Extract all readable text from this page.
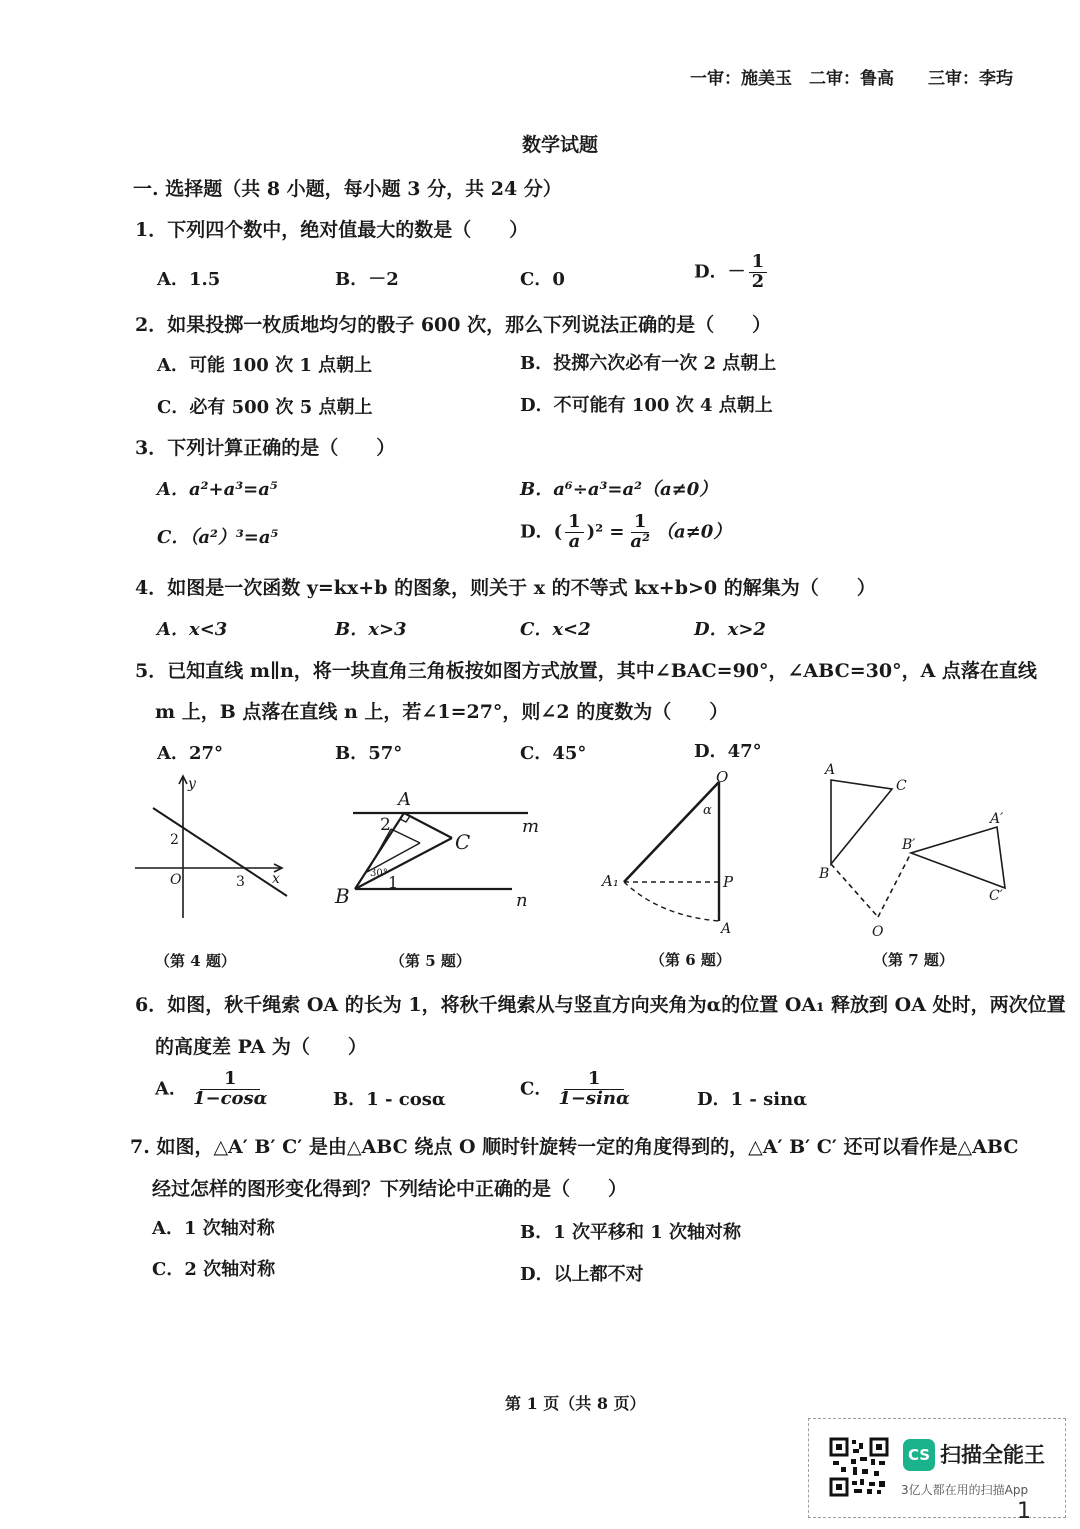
一审：施美玉　二审：鲁高　　三审：李玙
数学试题
一. 选择题（共 8 小题，每小题 3 分，共 24 分）
1．下列四个数中，绝对值最大的数是（　　）
A．1.5	B．－2	C．0	D．－ $\frac{1}{2}$
2．如果投掷一枚质地均匀的骰子 600 次，那么下列说法正确的是（　　）
A．可能 100 次 1 点朝上	B．投掷六次必有一次 2 点朝上
C．必有 500 次 5 点朝上	D．不可能有 100 次 4 点朝上
3．下列计算正确的是（　　）
A．a²+a³=a⁵	B．a⁶÷a³=a²（a≠0）
C．（a²）³=a⁵	D．( $\frac{1}{a} )^2 = \frac{1}{\text{a²}} (a\ne 0)$
4．如图是一次函数 y=kx+b 的图象，则关于 x 的不等式 kx+b>0 的解集为（　　）
A．x<3	B．x>3	C．x<2	D．x>2
5．已知直线 m∥n，将一块直角三角板按如图方式放置，其中∠BAC=90°，∠ABC=30°，A 点落在直线
m 上，B 点落在直线 n 上，若∠1=27°，则∠2 的度数为（　　）
A．27°	B．57°	C．45°	D．47°
y
x
O
2
3
A
B
C
m
n
2
1
30°
O
A₁	P
A
α
A
C
B
A′
B′
C′
O
（第 4 题）	（第 5 题）	（第 6 题）	（第 7 题）
6．如图，秋千绳索 OA 的长为 1，将秋千绳索从与竖直方向夹角为α的位置 OA₁ 释放到 OA 处时，两次位置
的高度差 PA 为（　　）
A． $\frac{1}{1-\cos\alpha}$	B．1 - cosα
C． $\frac{1}{1-\sin\alpha}$	D．1 - sinα
7. 如图，△A′ B′ C′ 是由△ABC 绕点 O 顺时针旋转一定的角度得到的，△A′ B′ C′ 还可以看作是△ABC
经过怎样的图形变化得到？下列结论中正确的是（　　）
A．1 次轴对称	B．1 次平移和 1 次轴对称
C．2 次轴对称	D．以上都不对
第 1 页（共 8 页）
CS 扫描全能王
3亿人都在用的扫描App
1
